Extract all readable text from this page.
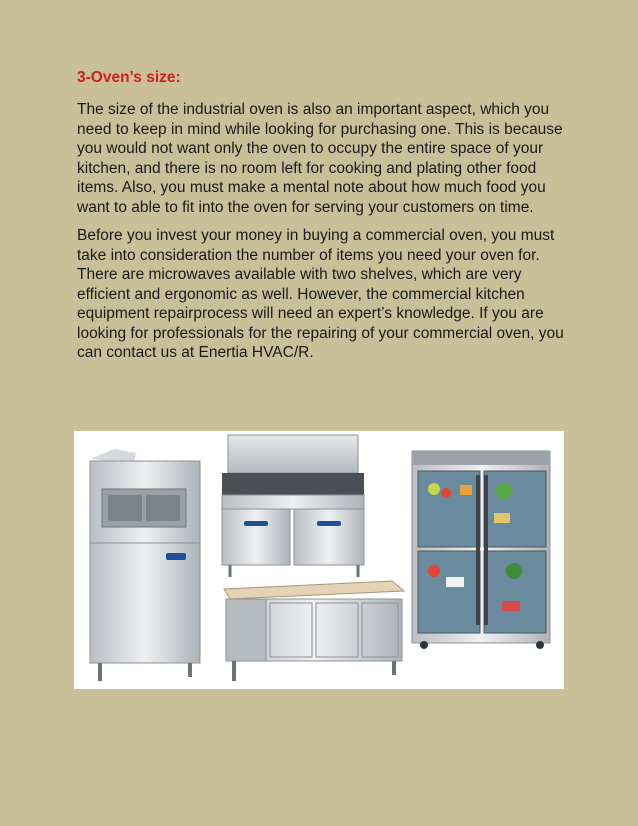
3-Oven’s size:

The size of the industrial oven is also an important aspect, which you need to keep in mind while looking for purchasing one. This is because you would not want only the oven to occupy the entire space of your kitchen, and there is no room left for cooking and plating other food items. Also, you must make a mental note about how much food you want to able to fit into the oven for serving your customers on time.

Before you invest your money in buying a commercial oven, you must take into consideration the number of items you need your oven for. There are microwaves available with two shelves, which are very efficient and ergonomic as well. However, the commercial kitchen equipment repairprocess will need an expert’s knowledge. If you are looking for professionals for the repairing of your commercial oven, you can contact us at Enertia HVAC/R.
